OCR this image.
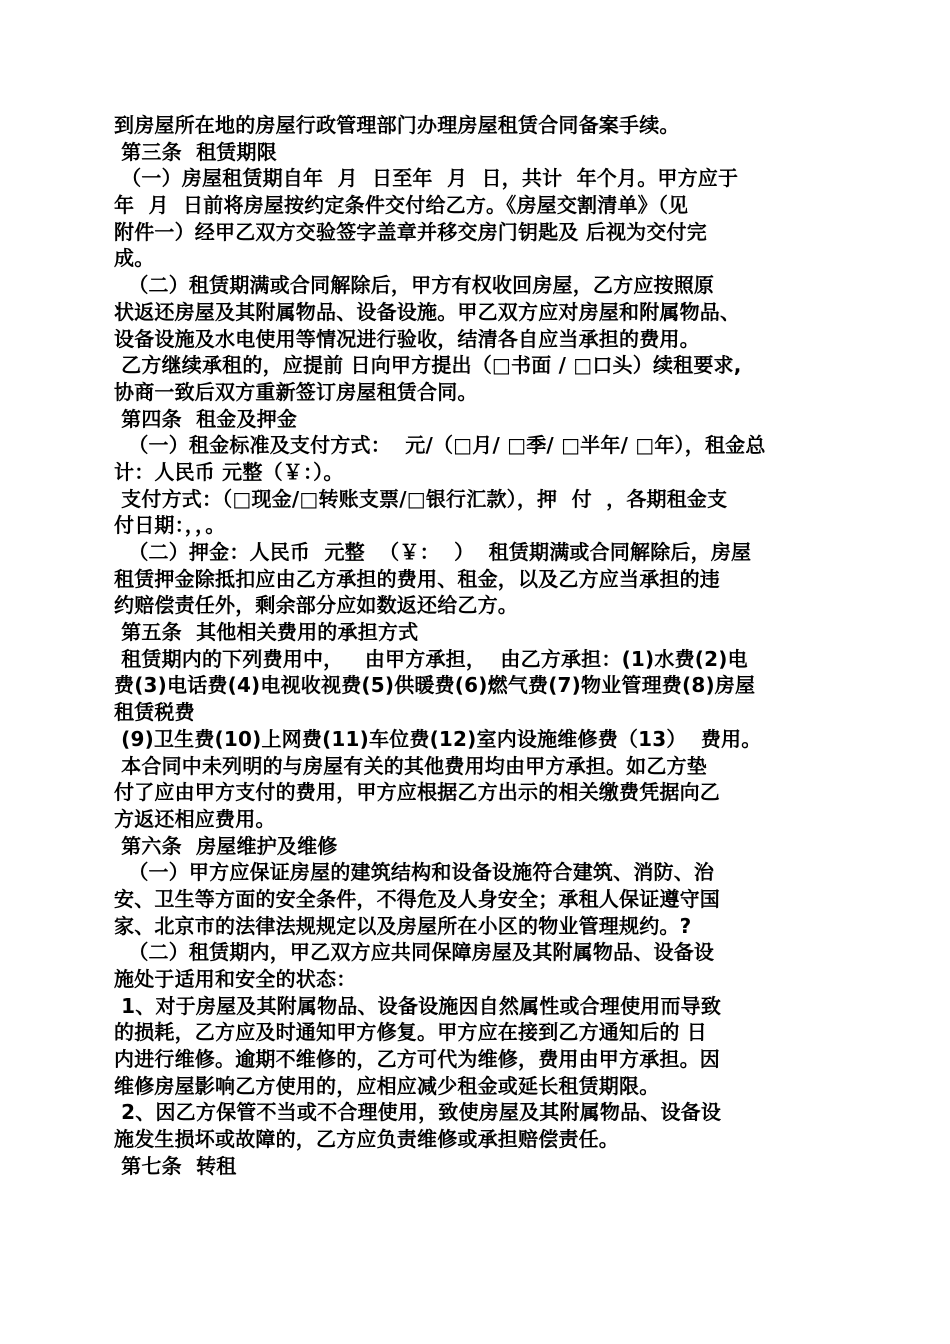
到房屋所在地的房屋行政管理部门办理房屋租赁合同备案手续。
第三条  租赁期限
（一）房屋租赁期自年  月  日至年  月  日，共计  年个月。甲方应于
年  月  日前将房屋按约定条件交付给乙方。《房屋交割清单》（见
附件一）经甲乙双方交验签字盖章并移交房门钥匙及 后视为交付完
成。
（二）租赁期满或合同解除后，甲方有权收回房屋，乙方应按照原
状返还房屋及其附属物品、设备设施。甲乙双方应对房屋和附属物品、
设备设施及水电使用等情况进行验收，结清各自应当承担的费用。
乙方继续承租的，应提前 日向甲方提出（□书面 / □口头）续租要求,
协商一致后双方重新签订房屋租赁合同。
第四条  租金及押金
（一）租金标准及支付方式：  元/（□月/ □季/ □半年/ □年），租金总
计：人民币 元整（￥：）。
支付方式：（□现金/□转账支票/□银行汇款），押  付  ，各期租金支
付日期：，，。
（二）押金：人民币  元整  （￥：  ）  租赁期满或合同解除后，房屋
租赁押金除抵扣应由乙方承担的费用、租金，以及乙方应当承担的违
约赔偿责任外，剩余部分应如数返还给乙方。
第五条  其他相关费用的承担方式
租赁期内的下列费用中，   由甲方承担，  由乙方承担：(1)水费(2)电
费(3)电话费(4)电视收视费(5)供暖费(6)燃气费(7)物业管理费(8)房屋
租赁税费
(9)卫生费(10)上网费(11)车位费(12)室内设施维修费（13）  费用。
本合同中未列明的与房屋有关的其他费用均由甲方承担。如乙方垫
付了应由甲方支付的费用，甲方应根据乙方出示的相关缴费凭据向乙
方返还相应费用。
第六条  房屋维护及维修
（一）甲方应保证房屋的建筑结构和设备设施符合建筑、消防、治
安、卫生等方面的安全条件，不得危及人身安全；承租人保证遵守国
家、北京市的法律法规规定以及房屋所在小区的物业管理规约。?
（二）租赁期内，甲乙双方应共同保障房屋及其附属物品、设备设
施处于适用和安全的状态：
1、对于房屋及其附属物品、设备设施因自然属性或合理使用而导致
的损耗，乙方应及时通知甲方修复。甲方应在接到乙方通知后的 日
内进行维修。逾期不维修的，乙方可代为维修，费用由甲方承担。因
维修房屋影响乙方使用的，应相应减少租金或延长租赁期限。
2、因乙方保管不当或不合理使用，致使房屋及其附属物品、设备设
施发生损坏或故障的，乙方应负责维修或承担赔偿责任。
第七条  转租
